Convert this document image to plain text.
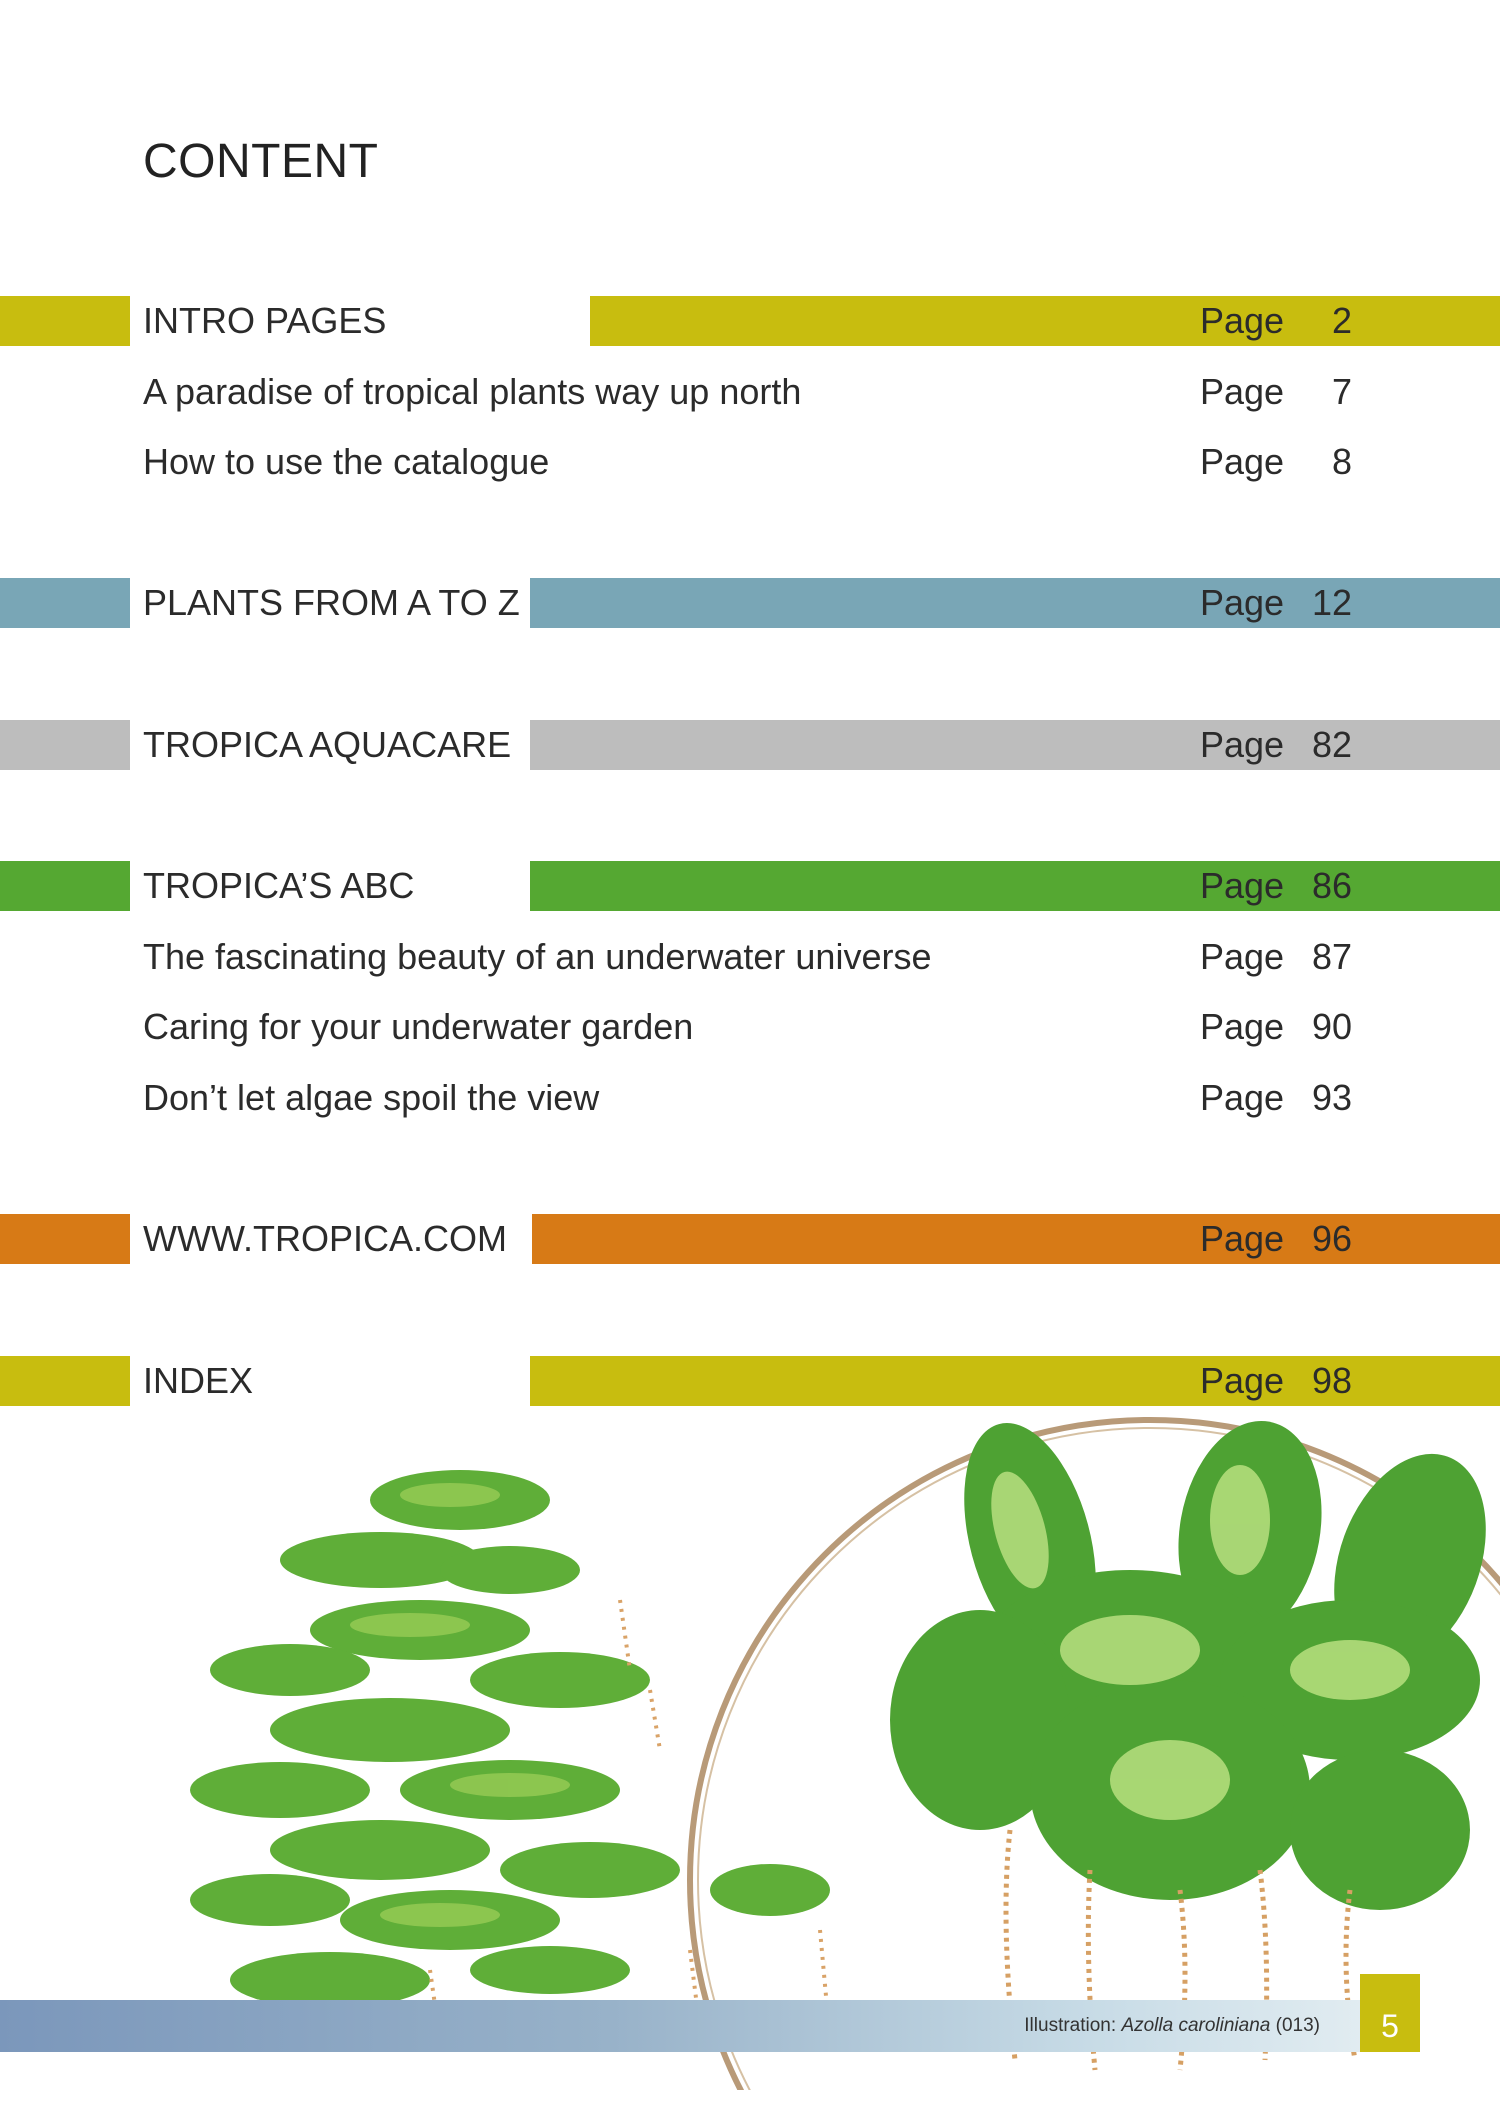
CONTENT
INTRO PAGES	Page 2
A paradise of tropical plants way up north	Page 7
How to use the catalogue	Page 8
PLANTS FROM A TO Z	Page 12
TROPICA AQUACARE	Page 82
TROPICA’S ABC	Page 86
The fascinating beauty of an underwater universe	Page 87
Caring for your underwater garden	Page 90
Don’t let algae spoil the view	Page 93
WWW.TROPICA.COM	Page 96
INDEX	Page 98
Illustration: Azolla caroliniana (013)	5
